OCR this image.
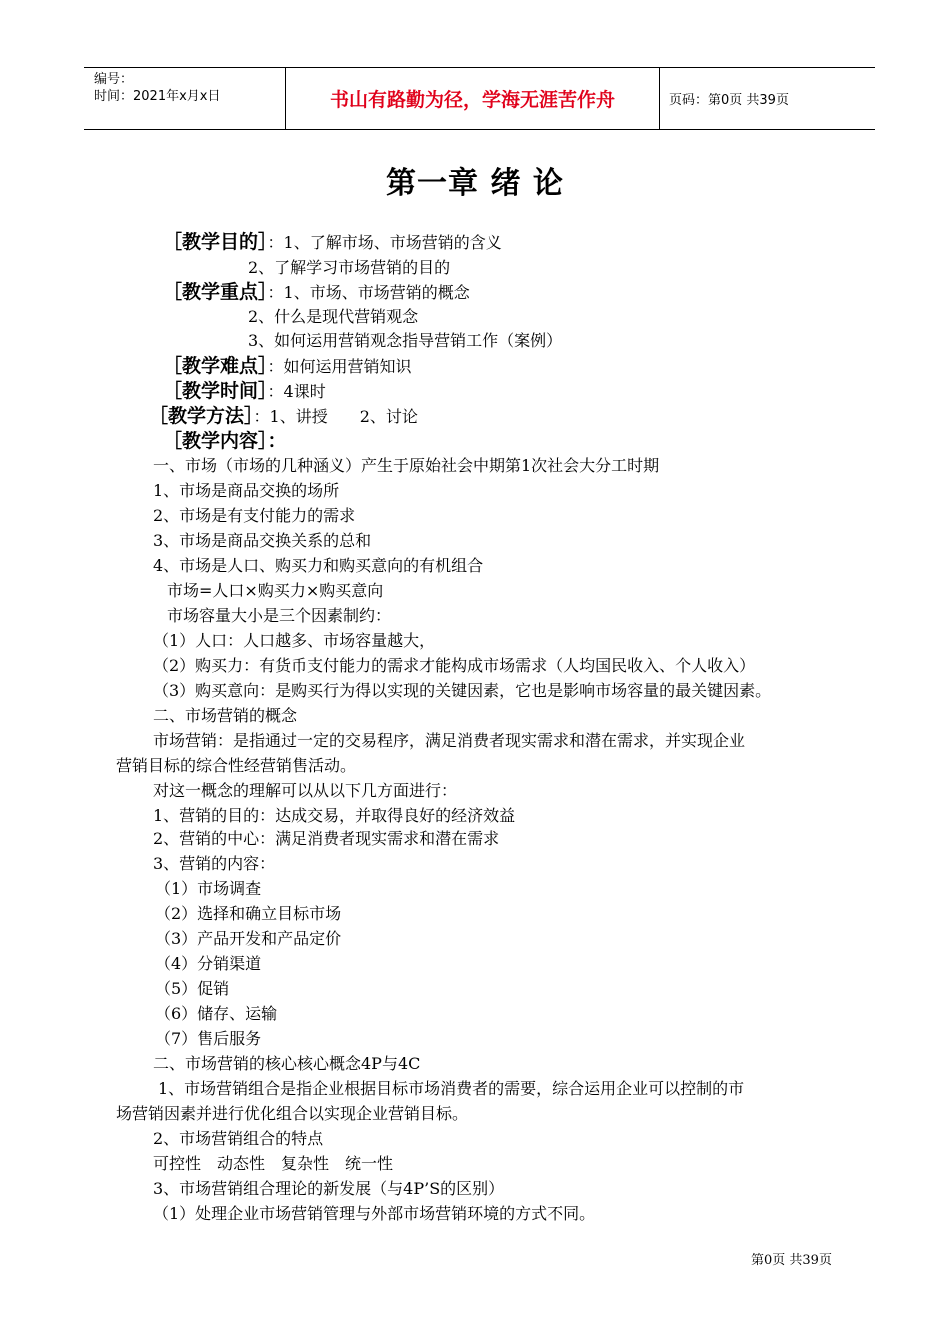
编号：
时间：2021年x月x日	书山有路勤为径，学海无涯苦作舟	页码：第0页 共39页
第一章 绪 论
［教学目的］：1、了解市场、市场营销的含义
2、了解学习市场营销的目的
［教学重点］：1、市场、市场营销的概念
2、什么是现代营销观念
3、如何运用营销观念指导营销工作（案例）
［教学难点］：如何运用营销知识
［教学时间］：4课时
［教学方法］：1、讲授　　2、讨论
［教学内容］：
一、市场（市场的几种涵义）产生于原始社会中期第1次社会大分工时期
1、市场是商品交换的场所
2、市场是有支付能力的需求
3、市场是商品交换关系的总和
4、市场是人口、购买力和购买意向的有机组合
市场=人口×购买力×购买意向
市场容量大小是三个因素制约：
（1）人口：人口越多、市场容量越大，
（2）购买力：有货币支付能力的需求才能构成市场需求（人均国民收入、个人收入）
（3）购买意向：是购买行为得以实现的关键因素，它也是影响市场容量的最关键因素。
二、市场营销的概念
市场营销：是指通过一定的交易程序，满足消费者现实需求和潜在需求，并实现企业
营销目标的综合性经营销售活动。
对这一概念的理解可以从以下几方面进行：
1、营销的目的：达成交易，并取得良好的经济效益
2、营销的中心：满足消费者现实需求和潜在需求
3、营销的内容：
（1）市场调查
（2）选择和确立目标市场
（3）产品开发和产品定价
（4）分销渠道
（5）促销
（6）储存、运输
（7）售后服务
二、市场营销的核心核心概念4P与4C
1、市场营销组合是指企业根据目标市场消费者的需要，综合运用企业可以控制的市
场营销因素并进行优化组合以实现企业营销目标。
2、市场营销组合的特点
可控性　动态性　复杂性　统一性
3、市场营销组合理论的新发展（与4P’S的区别）
（1）处理企业市场营销管理与外部市场营销环境的方式不同。
第0页 共39页
